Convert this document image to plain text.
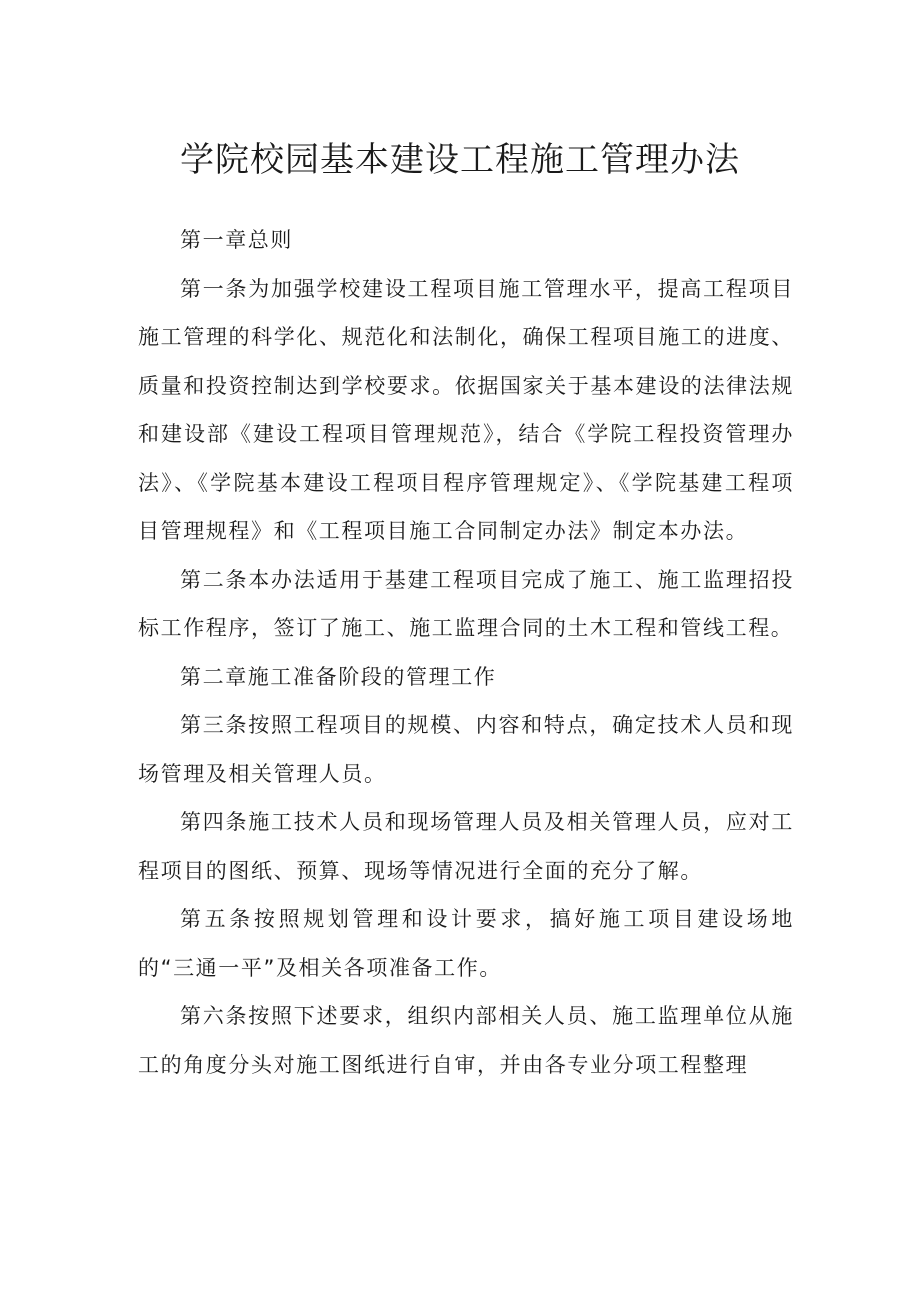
学院校园基本建设工程施工管理办法

第一章总则

第一条为加强学校建设工程项目施工管理水平，提高工程项目施工管理的科学化、规范化和法制化，确保工程项目施工的进度、质量和投资控制达到学校要求。依据国家关于基本建设的法律法规和建设部《建设工程项目管理规范》，结合《学院工程投资管理办法》、《学院基本建设工程项目程序管理规定》、《学院基建工程项目管理规程》和《工程项目施工合同制定办法》制定本办法。

第二条本办法适用于基建工程项目完成了施工、施工监理招投标工作程序，签订了施工、施工监理合同的土木工程和管线工程。

第二章施工准备阶段的管理工作

第三条按照工程项目的规模、内容和特点，确定技术人员和现场管理及相关管理人员。

第四条施工技术人员和现场管理人员及相关管理人员，应对工程项目的图纸、预算、现场等情况进行全面的充分了解。

第五条按照规划管理和设计要求，搞好施工项目建设场地的“三通一平”及相关各项准备工作。

第六条按照下述要求，组织内部相关人员、施工监理单位从施工的角度分头对施工图纸进行自审，并由各专业分项工程整理
